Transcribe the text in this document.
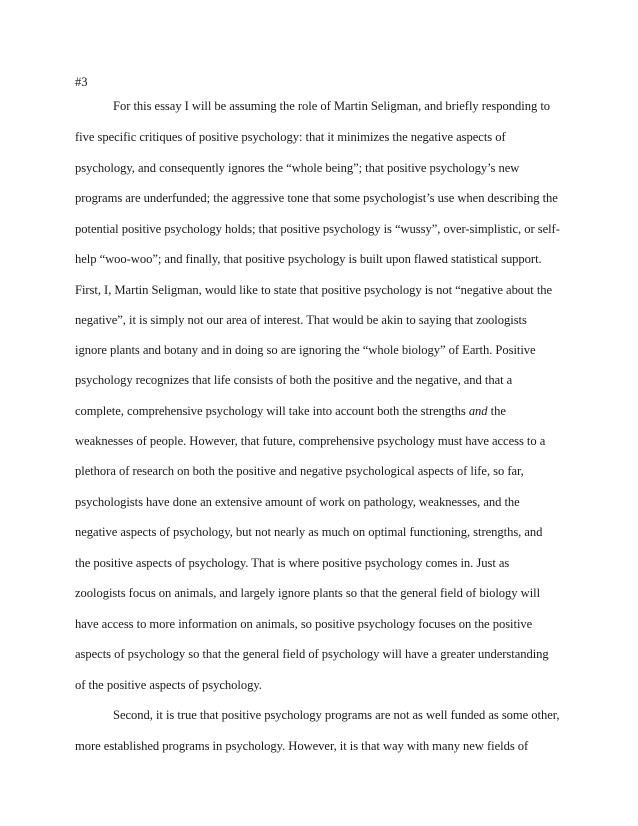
#3
For this essay I will be assuming the role of Martin Seligman, and briefly responding to
five specific critiques of positive psychology: that it minimizes the negative aspects of
psychology, and consequently ignores the “whole being”; that positive psychology’s new
programs are underfunded; the aggressive tone that some psychologist’s use when describing the
potential positive psychology holds; that positive psychology is “wussy”, over-simplistic, or self-
help “woo-woo”; and finally, that positive psychology is built upon flawed statistical support.
First, I, Martin Seligman, would like to state that positive psychology is not “negative about the
negative”, it is simply not our area of interest. That would be akin to saying that zoologists
ignore plants and botany and in doing so are ignoring the “whole biology” of Earth. Positive
psychology recognizes that life consists of both the positive and the negative, and that a
complete, comprehensive psychology will take into account both the strengths and the
weaknesses of people. However, that future, comprehensive psychology must have access to a
plethora of research on both the positive and negative psychological aspects of life, so far,
psychologists have done an extensive amount of work on pathology, weaknesses, and the
negative aspects of psychology, but not nearly as much on optimal functioning, strengths, and
the positive aspects of psychology. That is where positive psychology comes in. Just as
zoologists focus on animals, and largely ignore plants so that the general field of biology will
have access to more information on animals, so positive psychology focuses on the positive
aspects of psychology so that the general field of psychology will have a greater understanding
of the positive aspects of psychology.
Second, it is true that positive psychology programs are not as well funded as some other,
more established programs in psychology. However, it is that way with many new fields of
